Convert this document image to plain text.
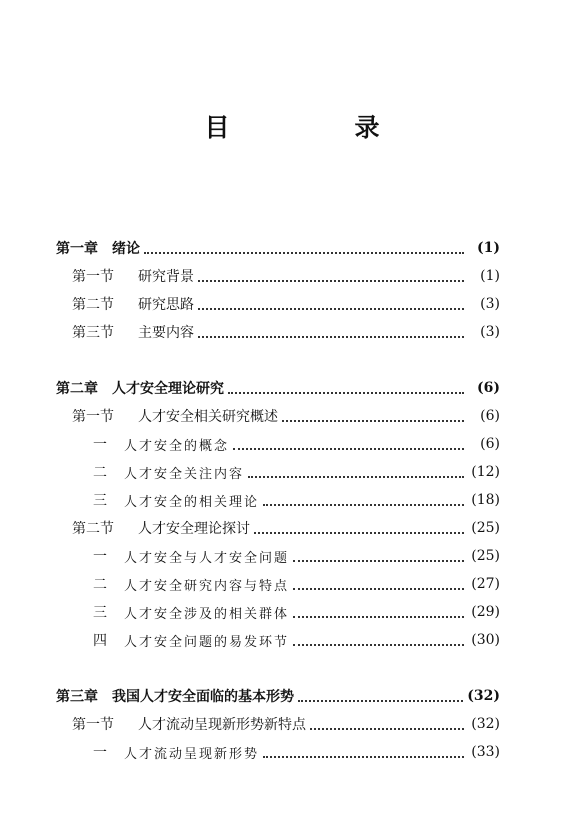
目　录
第一章 绪论	(1)
第一节	研究背景	(1)
第二节	研究思路	(3)
第三节	主要内容	(3)
第二章 人才安全理论研究	(6)
第一节	人才安全相关研究概述	(6)
一 人才安全的概念	(6)
二 人才安全关注内容	(12)
三 人才安全的相关理论	(18)
第二节	人才安全理论探讨	(25)
一 人才安全与人才安全问题	(25)
二 人才安全研究内容与特点	(27)
三 人才安全涉及的相关群体	(29)
四 人才安全问题的易发环节	(30)
第三章 我国人才安全面临的基本形势	(32)
第一节	人才流动呈现新形势新特点	(32)
一 人才流动呈现新形势	(33)
